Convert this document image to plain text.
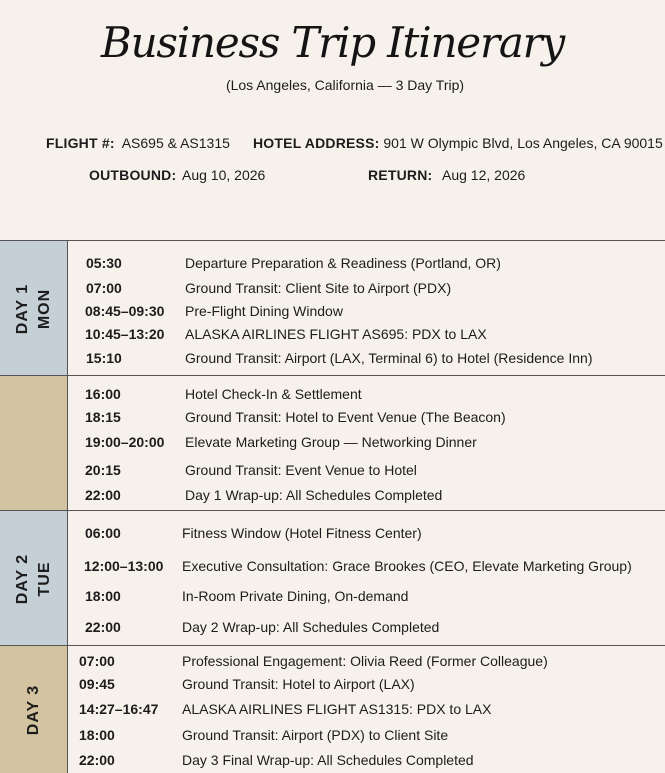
Business Trip Itinerary
(Los Angeles, California — 3 Day Trip)
FLIGHT #: AS695 & AS1315 HOTEL ADDRESS: 901 W Olympic Blvd, Los Angeles, CA 90015
OUTBOUND: Aug 10, 2026	RETURN: Aug 12, 2026
DAY 1
MON
05:30	Departure Preparation & Readiness (Portland, OR)
07:00	Ground Transit: Client Site to Airport (PDX)
08:45–09:30 Pre-Flight Dining Window
10:45–13:20 ALASKA AIRLINES FLIGHT AS695: PDX to LAX
15:10	Ground Transit: Airport (LAX, Terminal 6) to Hotel (Residence Inn)
16:00	Hotel Check-In & Settlement
18:15	Ground Transit: Hotel to Event Venue (The Beacon)
19:00–20:00 Elevate Marketing Group — Networking Dinner
20:15	Ground Transit: Event Venue to Hotel
22:00	Day 1 Wrap-up: All Schedules Completed
DAY 2
TUE
06:00	Fitness Window (Hotel Fitness Center)
12:00–13:00 Executive Consultation: Grace Brookes (CEO, Elevate Marketing Group)
18:00	In-Room Private Dining, On-demand
22:00	Day 2 Wrap-up: All Schedules Completed
DAY 3
07:00	Professional Engagement: Olivia Reed (Former Colleague)
09:45	Ground Transit: Hotel to Airport (LAX)
14:27–16:47 ALASKA AIRLINES FLIGHT AS1315: PDX to LAX
18:00	Ground Transit: Airport (PDX) to Client Site
22:00	Day 3 Final Wrap-up: All Schedules Completed
